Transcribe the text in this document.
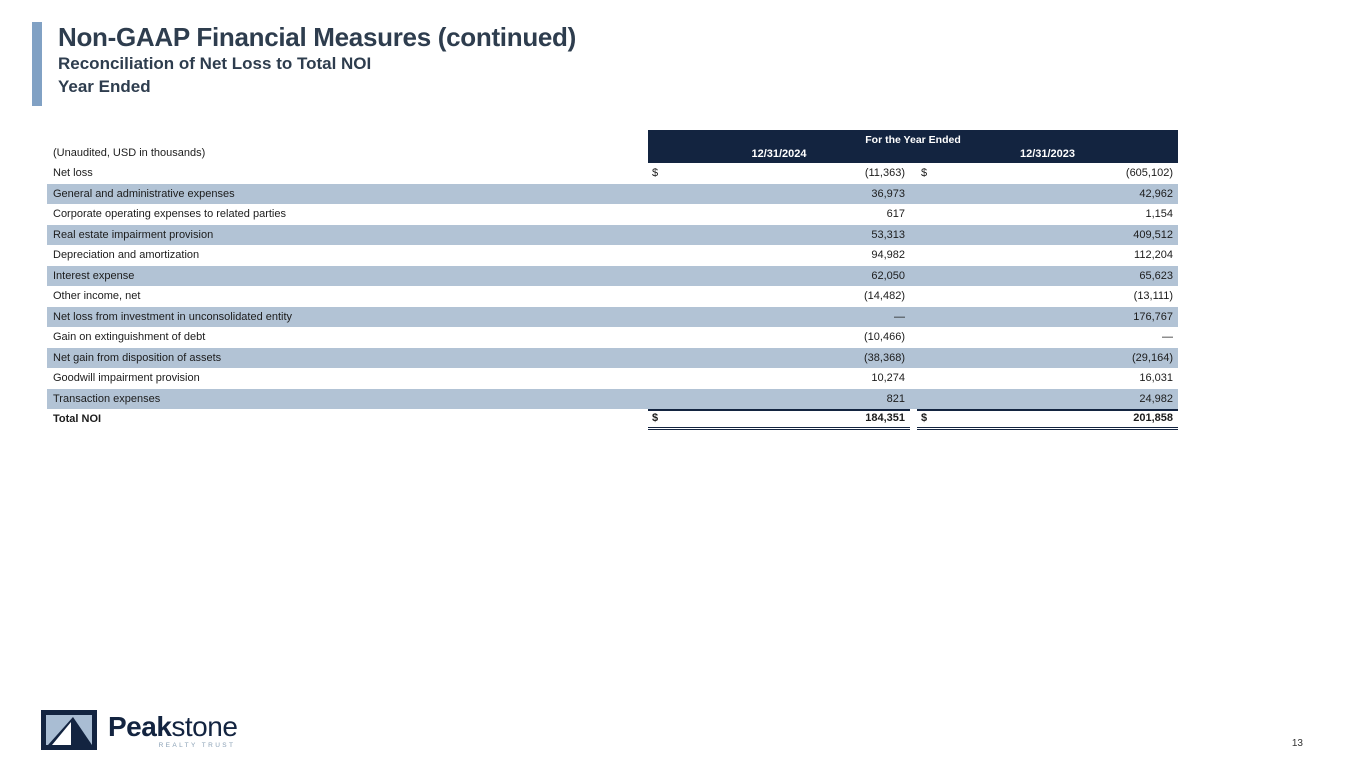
Non-GAAP Financial Measures (continued)
Reconciliation of Net Loss to Total NOI
Year Ended
(Unaudited, USD in thousands)
For the Year Ended
12/31/2024	12/31/2023
Net loss	$	(11,363) $	(605,102)
General and administrative expenses	36,973	42,962
Corporate operating expenses to related parties	617	1,154
Real estate impairment provision	53,313	409,512
Depreciation and amortization	94,982	112,204
Interest expense	62,050	65,623
Other income, net	(14,482)	(13,111)
Net loss from investment in unconsolidated entity	—	176,767
Gain on extinguishment of debt	(10,466)	—
Net gain from disposition of assets	(38,368)	(29,164)
Goodwill impairment provision	10,274	16,031
Transaction expenses	821	24,982
Total NOI	$	184,351 $	201,858
Peakstone
REALTY TRUST	13
